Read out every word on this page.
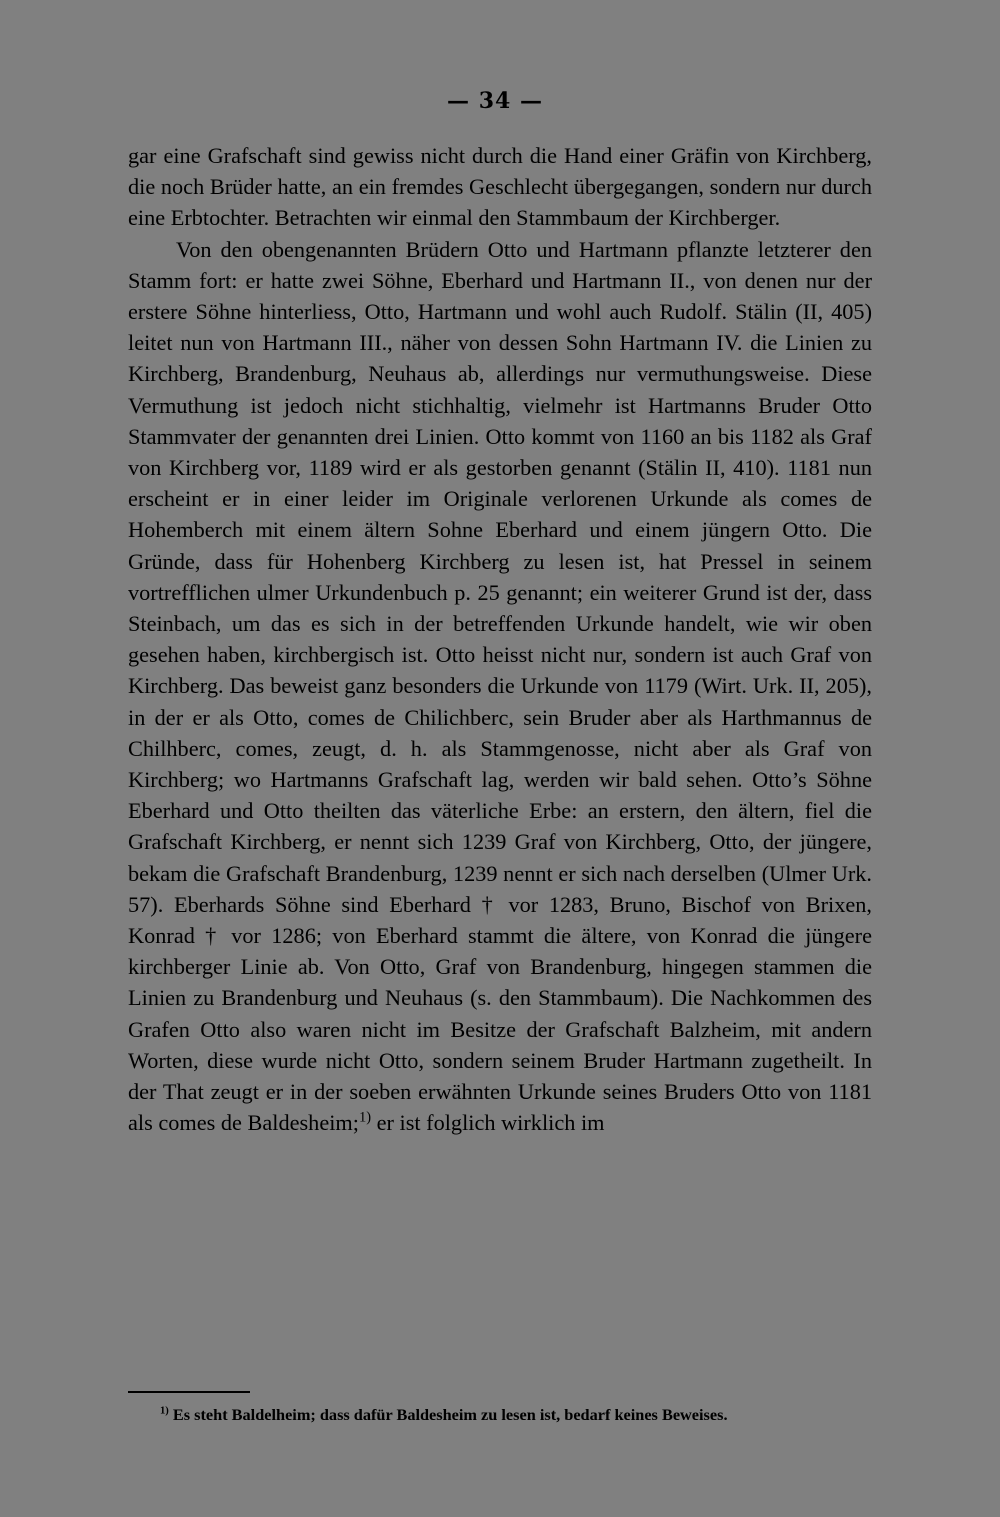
— 34 —

gar eine Grafschaft sind gewiss nicht durch die Hand einer Gräfin von Kirchberg, die noch Brüder hatte, an ein fremdes Geschlecht übergegangen, sondern nur durch eine Erbtochter. Betrachten wir einmal den Stammbaum der Kirchberger.

Von den obengenannten Brüdern Otto und Hartmann pflanzte letzterer den Stamm fort: er hatte zwei Söhne, Eberhard und Hartmann II., von denen nur der erstere Söhne hinterliess, Otto, Hartmann und wohl auch Rudolf. Stälin (II, 405) leitet nun von Hartmann III., näher von dessen Sohn Hartmann IV. die Linien zu Kirchberg, Brandenburg, Neuhaus ab, allerdings nur vermuthungsweise. Diese Vermuthung ist jedoch nicht stichhaltig, vielmehr ist Hartmanns Bruder Otto Stammvater der genannten drei Linien. Otto kommt von 1160 an bis 1182 als Graf von Kirchberg vor, 1189 wird er als gestorben genannt (Stälin II, 410). 1181 nun erscheint er in einer leider im Originale verlorenen Urkunde als comes de Hohemberch mit einem ältern Sohne Eberhard und einem jüngern Otto. Die Gründe, dass für Hohenberg Kirchberg zu lesen ist, hat Pressel in seinem vortrefflichen ulmer Urkundenbuch p. 25 genannt; ein weiterer Grund ist der, dass Steinbach, um das es sich in der betreffenden Urkunde handelt, wie wir oben gesehen haben, kirchbergisch ist. Otto heisst nicht nur, sondern ist auch Graf von Kirchberg. Das beweist ganz besonders die Urkunde von 1179 (Wirt. Urk. II, 205), in der er als Otto, comes de Chilichberc, sein Bruder aber als Harthmannus de Chilhberc, comes, zeugt, d. h. als Stammgenosse, nicht aber als Graf von Kirchberg; wo Hartmanns Grafschaft lag, werden wir bald sehen. Otto’s Söhne Eberhard und Otto theilten das väterliche Erbe: an erstern, den ältern, fiel die Grafschaft Kirchberg, er nennt sich 1239 Graf von Kirchberg, Otto, der jüngere, bekam die Grafschaft Brandenburg, 1239 nennt er sich nach derselben (Ulmer Urk. 57). Eberhards Söhne sind Eberhard † vor 1283, Bruno, Bischof von Brixen, Konrad † vor 1286; von Eberhard stammt die ältere, von Konrad die jüngere kirchberger Linie ab. Von Otto, Graf von Brandenburg, hingegen stammen die Linien zu Brandenburg und Neuhaus (s. den Stammbaum). Die Nachkommen des Grafen Otto also waren nicht im Besitze der Grafschaft Balzheim, mit andern Worten, diese wurde nicht Otto, sondern seinem Bruder Hartmann zugetheilt. In der That zeugt er in der soeben erwähnten Urkunde seines Bruders Otto von 1181 als comes de Baldesheim;$^{1)}$ er ist folglich wirklich im

$^{1)}$ Es steht Baldelheim; dass dafür Baldesheim zu lesen ist, bedarf keines Beweises.
